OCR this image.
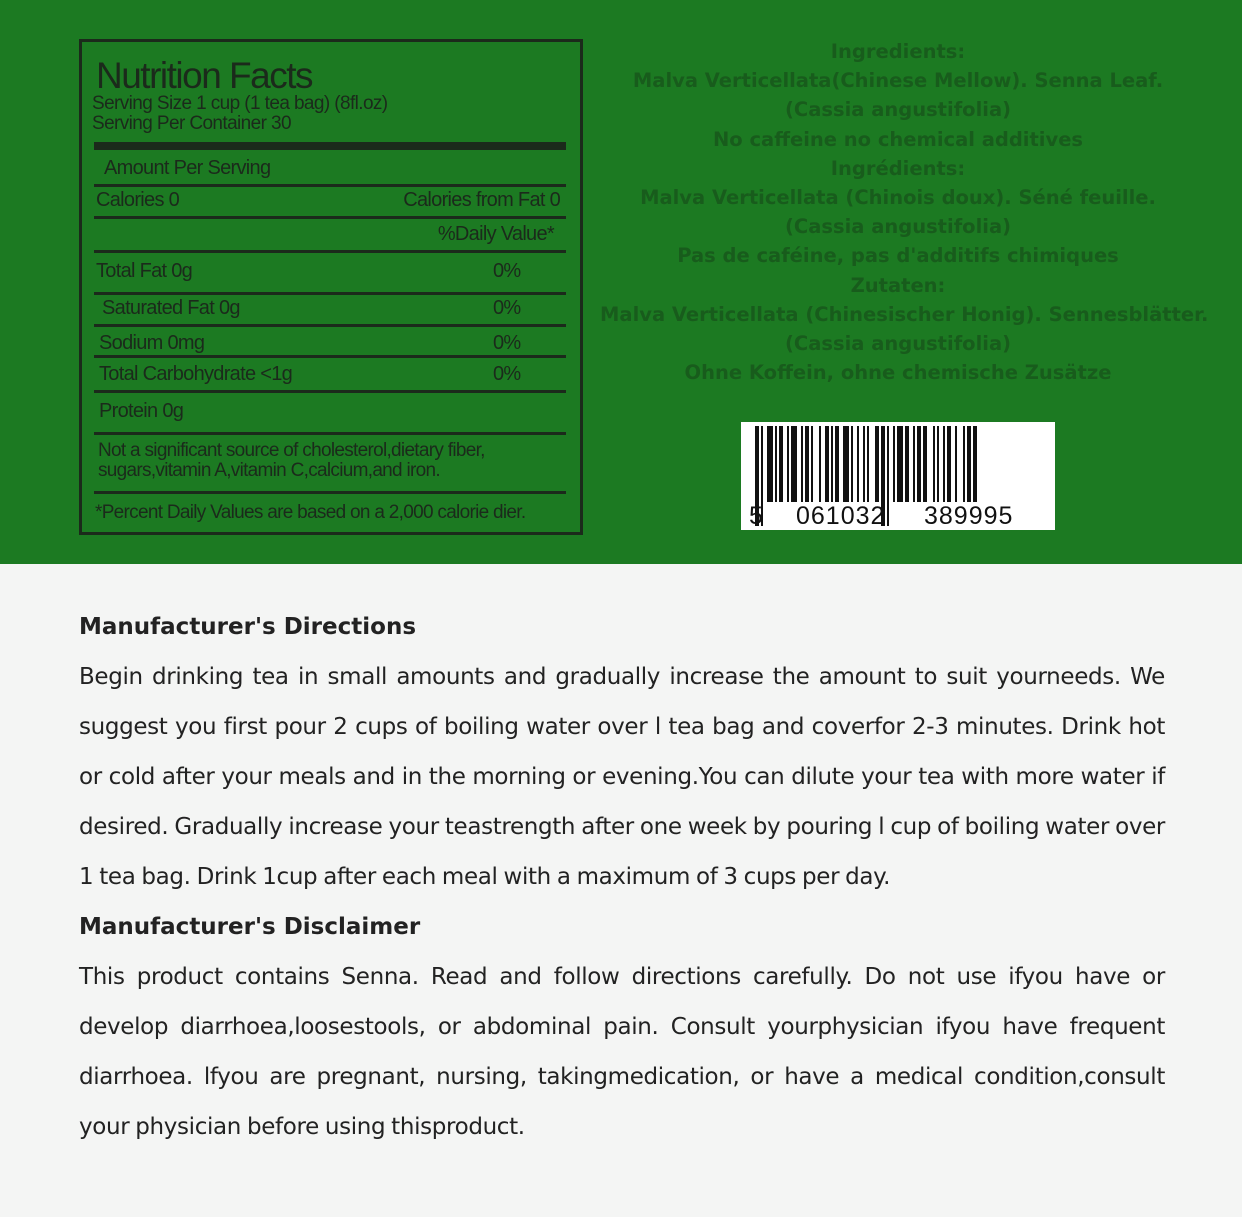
Nutrition Facts
Serving Size 1 cup (1 tea bag) (8fl.oz)
Serving Per Container 30
Amount Per Serving
Calories 0	Calories from Fat 0
%Daily Value*
Total Fat 0g	0%
Saturated Fat 0g	0%
Sodium 0mg	0%
Total Carbohydrate <1g	0%
Protein 0g
Not a significant source of cholesterol,dietary fiber,
sugars,vitamin A,vitamin C,calcium,and iron.
*Percent Daily Values are based on a 2,000 calorie dier.
Ingredients:
Malva Verticellata(Chinese Mellow). Senna Leaf.
(Cassia angustifolia)
No caffeine no chemical additives
Ingrédients:
Malva Verticellata (Chinois doux). Séné feuille.
(Cassia angustifolia)
Pas de caféine, pas d'additifs chimiques
Zutaten:
Malva Verticellata (Chinesischer Honig). Sennesblätter.
(Cassia angustifolia)
Ohne Koffein, ohne chemische Zusätze
5 061032 389995
Manufacturer's Directions
Begin drinking tea in small amounts and gradually increase the amount to suit yourneeds. We suggest you first pour 2 cups of boiling water over l tea bag and coverfor 2-3 minutes. Drink hot or cold after your meals and in the morning or evening.You can dilute your tea with more water if desired. Gradually increase your teastrength after one week by pouring l cup of boiling water over 1 tea bag. Drink 1cup after each meal with a maximum of 3 cups per day.
Manufacturer's Disclaimer
This product contains Senna. Read and follow directions carefully. Do not use ifyou have or develop diarrhoea,loosestools, or abdominal pain. Consult yourphysician ifyou have frequent diarrhoea. lfyou are pregnant, nursing, takingmedication, or have a medical condition,consult your physician before using thisproduct.
